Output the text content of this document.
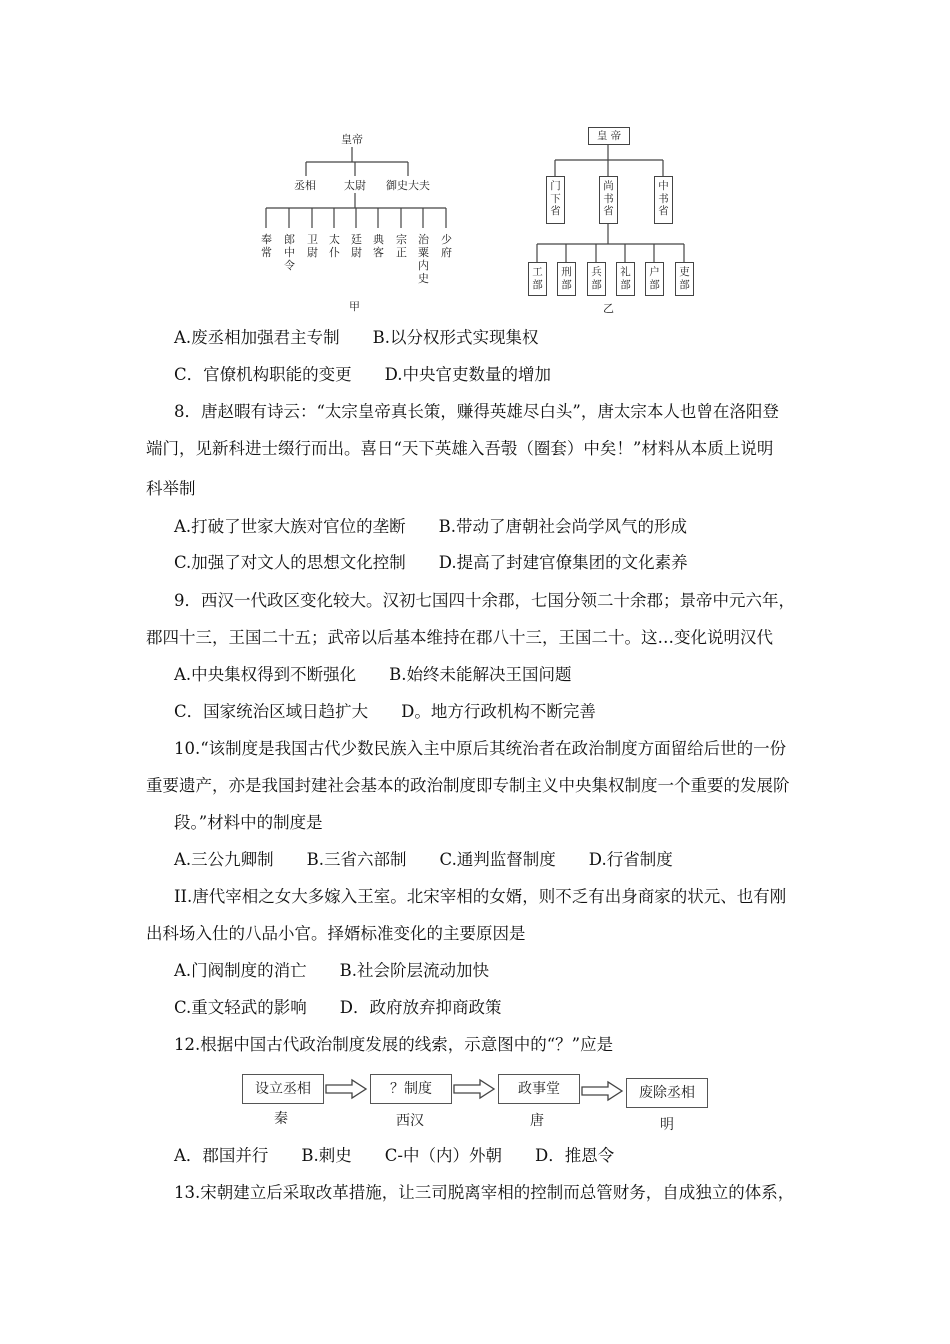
皇帝
丞相	太尉 御史大夫
奉常
郎中令
卫尉
太仆
廷尉
典客
宗正
治粟内史
少府
甲
皇 帝
门下省
尚书省
中书省
工部
刑部
兵部
礼部
户部
吏部
乙
A.废丞相加强君主专制　　B.以分权形式实现集权
C．官僚机构职能的变更　　D.中央官吏数量的增加
8．唐赵暇有诗云：“太宗皇帝真长策，赚得英雄尽白头”，唐太宗本人也曾在洛阳登
端门，见新科进士缀行而出。喜日“天下英雄入吾彀（圈套）中矣！”材料从本质上说明
科举制
A.打破了世家大族对官位的垄断　　B.带动了唐朝社会尚学风气的形成
C.加强了对文人的思想文化控制　　D.提高了封建官僚集团的文化素养
9．西汉一代政区变化较大。汉初七国四十余郡，七国分领二十余郡；景帝中元六年，
郡四十三，王国二十五；武帝以后基本维持在郡八十三，王国二十。这…变化说明汉代
A.中央集权得到不断强化　　B.始终未能解决王国问题
C．国家统治区域日趋扩大　　D。地方行政机构不断完善
10.“该制度是我国古代少数民族入主中原后其统治者在政治制度方面留给后世的一份
重要遗产，亦是我国封建社会基本的政治制度即专制主义中央集权制度一个重要的发展阶
段。”材料中的制度是
A.三公九卿制　　B.三省六部制　　C.通判监督制度　　D.行省制度
II.唐代宰相之女大多嫁入王室。北宋宰相的女婿，则不乏有出身商家的状元、也有刚
出科场入仕的八品小官。择婿标准变化的主要原因是
A.门阀制度的消亡　　B.社会阶层流动加快
C.重文轻武的影响　　D．政府放弃抑商政策
12.根据中国古代政治制度发展的线索，示意图中的“？”应是
A．郡国并行　　B.刺史　　C-中（内）外朝　　D．推恩令
13.宋朝建立后采取改革措施，让三司脱离宰相的控制而总管财务，自成独立的体系，
设立丞相	？制度	政事堂	废除丞相
秦	西汉	唐	明
